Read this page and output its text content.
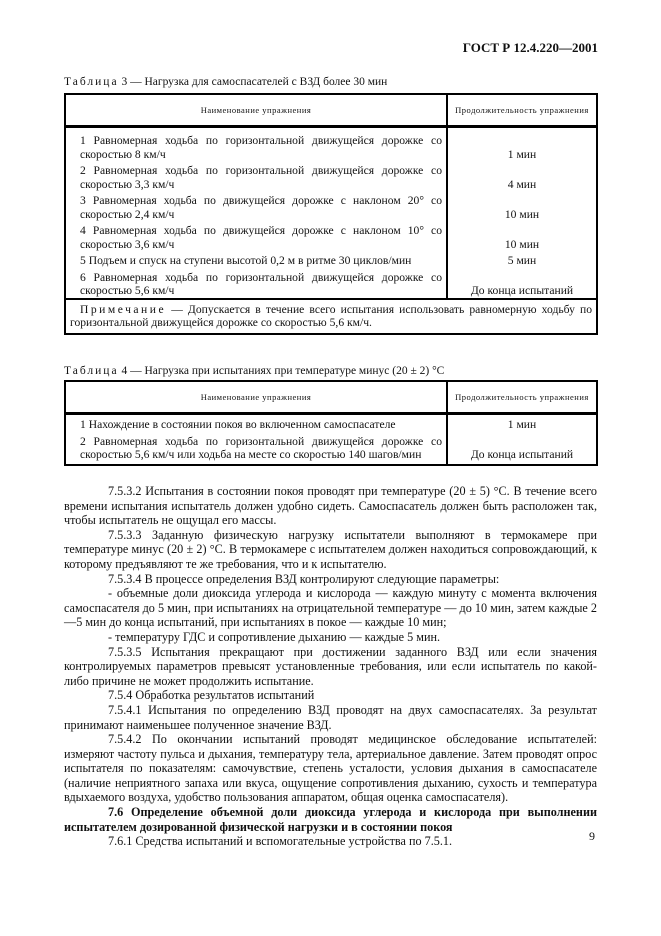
ГОСТ Р 12.4.220—2001
Таблица 3 — Нагрузка для самоспасателей с ВЗД более 30 мин
Наименование упражнения	Продолжительность упражнения

1 Равномерная ходьба по горизонтальной движущейся дорожке со скоростью 8 км/ч	1 мин

2 Равномерная ходьба по горизонтальной движущейся дорожке со скоростью 3,3 км/ч	4 мин

3 Равномерная ходьба по движущейся дорожке с наклоном 20° со скоростью 2,4 км/ч	10 мин

4 Равномерная ходьба по движущейся дорожке с наклоном 10° со скоростью 3,6 км/ч	10 мин

5 Подъем и спуск на ступени высотой 0,2 м в ритме 30 циклов/мин	5 мин

6 Равномерная ходьба по горизонтальной движущейся дорожке со скоростью 5,6 км/ч	До конца испытаний
Примечание — Допускается в течение всего испытания использовать равномерную ходьбу по горизонтальной движущейся дорожке со скоростью 5,6 км/ч.	
Таблица 4 — Нагрузка при испытаниях при температуре минус (20 ± 2) °С
Наименование упражнения	Продолжительность упражнения

1 Нахождение в состоянии покоя во включенном самоспасателе	1 мин

2 Равномерная ходьба по горизонтальной движущейся дорожке со скоростью 5,6 км/ч или ходьба на месте со скоростью 140 шагов/мин	До конца испытаний

7.5.3.2 Испытания в состоянии покоя проводят при температуре (20 ± 5) °С. В течение всего времени испытания испытатель должен удобно сидеть. Самоспасатель должен быть расположен так, чтобы испытатель не ощущал его массы.

7.5.3.3 Заданную физическую нагрузку испытатели выполняют в термокамере при температуре минус (20 ± 2) °С. В термокамере с испытателем должен находиться сопровождающий, к которому предъявляют те же требования, что и к испытателю.

7.5.3.4 В процессе определения ВЗД контролируют следующие параметры:

- объемные доли диоксида углерода и кислорода — каждую минуту с момента включения самоспасателя до 5 мин, при испытаниях на отрицательной температуре — до 10 мин, затем каждые 2—5 мин до конца испытаний, при испытаниях в покое — каждые 10 мин;

- температуру ГДС и сопротивление дыханию — каждые 5 мин.

7.5.3.5 Испытания прекращают при достижении заданного ВЗД или если значения контролируемых параметров превысят установленные требования, или если испытатель по какой-либо причине не может продолжить испытание.

7.5.4 Обработка результатов испытаний

7.5.4.1 Испытания по определению ВЗД проводят на двух самоспасателях. За результат принимают наименьшее полученное значение ВЗД.

7.5.4.2 По окончании испытаний проводят медицинское обследование испытателей: измеряют частоту пульса и дыхания, температуру тела, артериальное давление. Затем проводят опрос испытателя по показателям: самочувствие, степень усталости, условия дыхания в самоспасателе (наличие неприятного запаха или вкуса, ощущение сопротивления дыханию, сухость и температура вдыхаемого воздуха, удобство пользования аппаратом, общая оценка самоспасателя).

7.6 Определение объемной доли диоксида углерода и кислорода при выполнении испытателем дозированной физической нагрузки и в состоянии покоя

7.6.1 Средства испытаний и вспомогательные устройства по 7.5.1.	9
